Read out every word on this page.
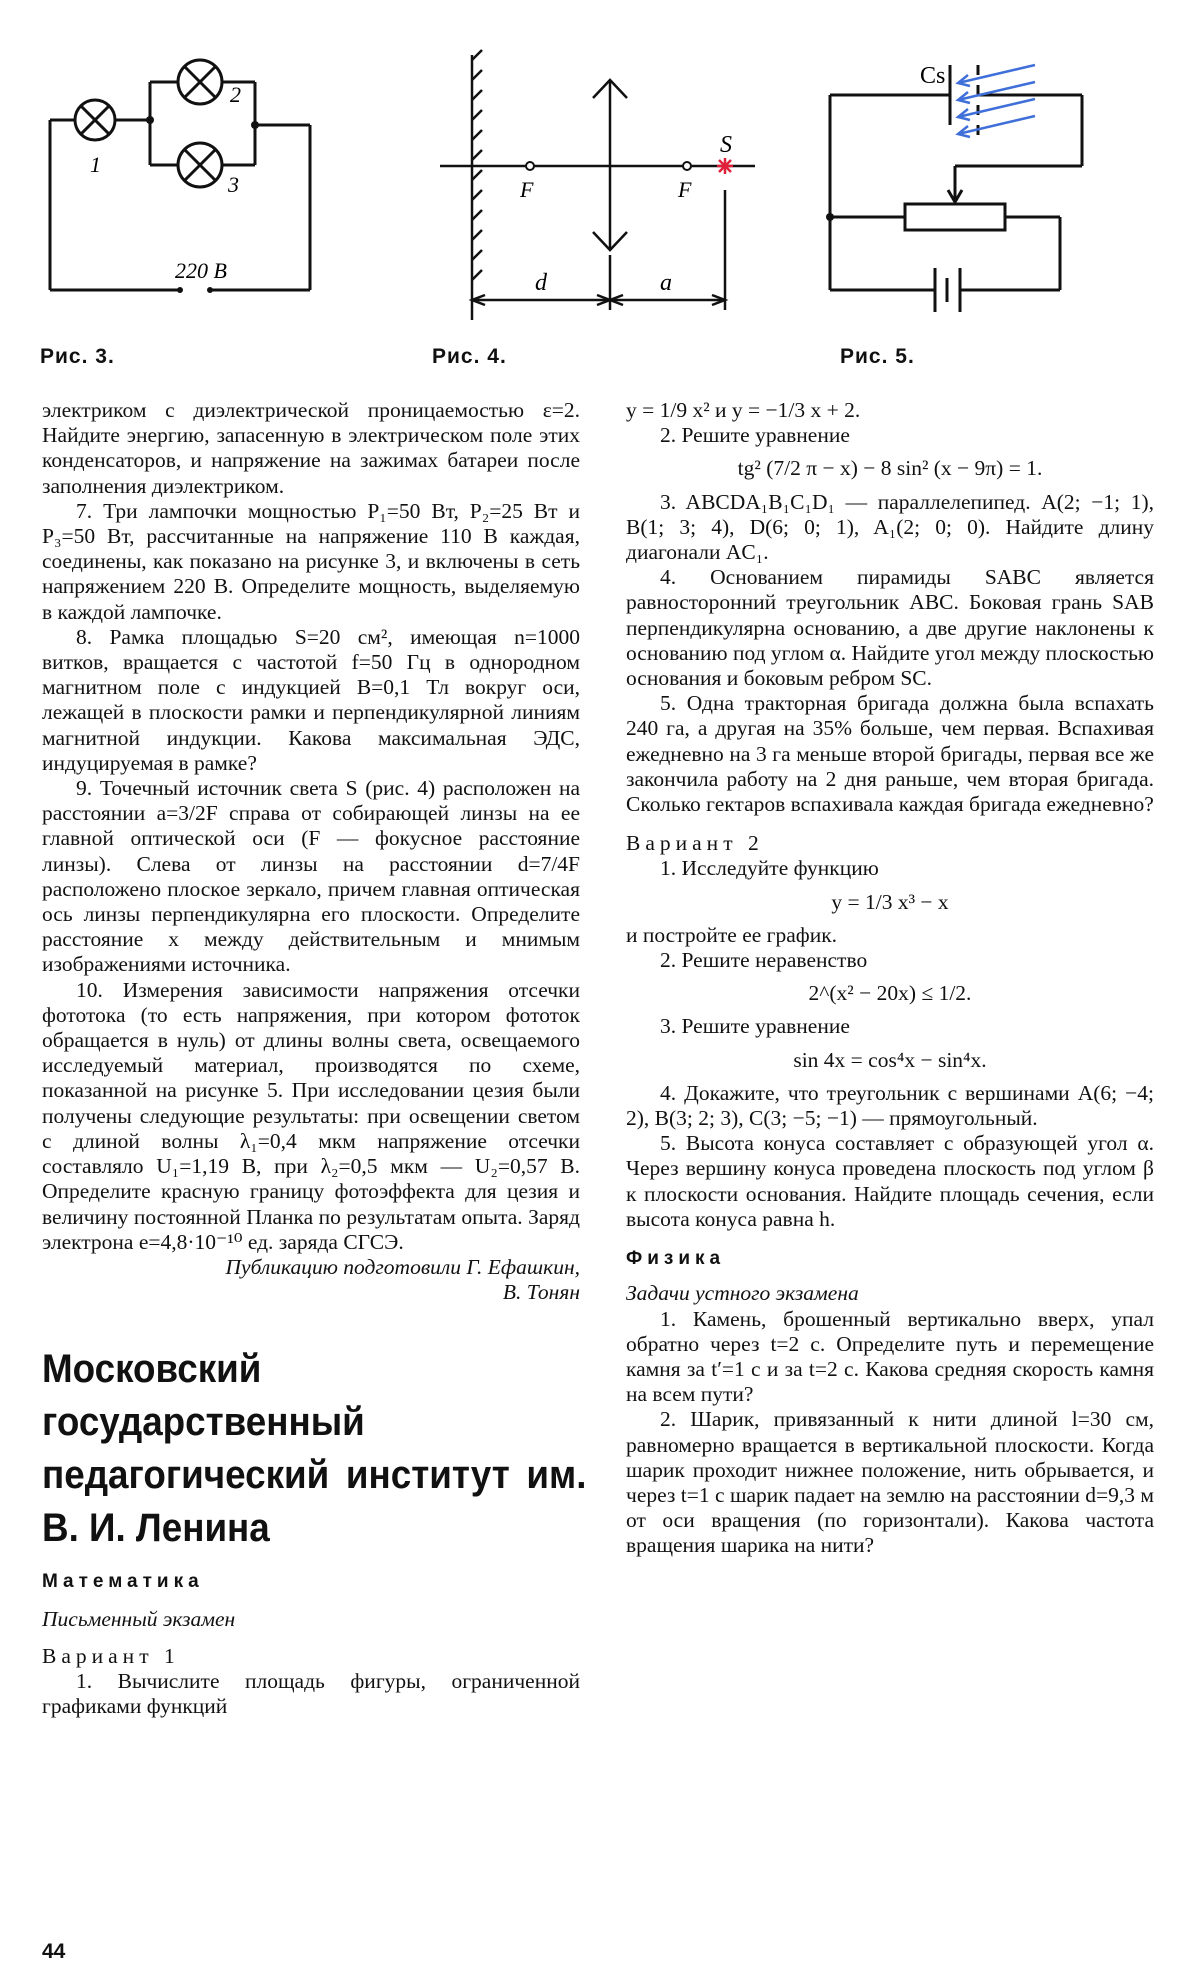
1
2
3
220 В
Рис. 3.
S
F	F
d	a
Рис. 4.
Cs
Рис. 5.

электриком с диэлектрической проницаемостью ε=2. Найдите энергию, запасенную в электрическом поле этих конденсаторов, и напряжение на зажимах батареи после заполнения диэлектриком.

7. Три лампочки мощностью P₁=50 Вт, P₂=25 Вт и P₃=50 Вт, рассчитанные на напряжение 110 В каждая, соединены, как показано на рисунке 3, и включены в сеть напряжением 220 В. Определите мощность, выделяемую в каждой лампочке.

8. Рамка площадью S=20 см², имеющая n=1000 витков, вращается с частотой f=50 Гц в однородном магнитном поле с индукцией B=0,1 Тл вокруг оси, лежащей в плоскости рамки и перпендикулярной линиям магнитной индукции. Какова максимальная ЭДС, индуцируемая в рамке?

9. Точечный источник света S (рис. 4) расположен на расстоянии a=3/2F справа от собирающей линзы на ее главной оптической оси (F — фокусное расстояние линзы). Слева от линзы на расстоянии d=7/4F расположено плоское зеркало, причем главная оптическая ось линзы перпендикулярна его плоскости. Определите расстояние x между действительным и мнимым изображениями источника.

10. Измерения зависимости напряжения отсечки фототока (то есть напряжения, при котором фототок обращается в нуль) от длины волны света, освещаемого исследуемый материал, производятся по схеме, показанной на рисунке 5. При исследовании цезия были получены следующие результаты: при освещении светом с длиной волны λ₁=0,4 мкм напряжение отсечки составляло U₁=1,19 В, при λ₂=0,5 мкм — U₂=0,57 В. Определите красную границу фотоэффекта для цезия и величину постоянной Планка по результатам опыта. Заряд электрона e=4,8·10⁻¹⁰ ед. заряда СГСЭ.

Публикацию подготовили Г. Ефашкин,

В. Тонян

Московский государственный педагогический институт им. В. И. Ленина

Математика

Письменный экзамен

Вариант 1

1. Вычислите площадь фигуры, ограниченной графиками функций

y = 1/9 x² и y = −1/3 x + 2.

2. Решите уравнение

tg² (7/2 π − x) − 8 sin² (x − 9π) = 1.

3. ABCDA₁B₁C₁D₁ — параллелепипед. A(2; −1; 1), B(1; 3; 4), D(6; 0; 1), A₁(2; 0; 0). Найдите длину диагонали AC₁.

4. Основанием пирамиды SABC является равносторонний треугольник ABC. Боковая грань SAB перпендикулярна основанию, а две другие наклонены к основанию под углом α. Найдите угол между плоскостью основания и боковым ребром SC.

5. Одна тракторная бригада должна была вспахать 240 га, а другая на 35% больше, чем первая. Вспахивая ежедневно на 3 га меньше второй бригады, первая все же закончила работу на 2 дня раньше, чем вторая бригада. Сколько гектаров вспахивала каждая бригада ежедневно?

Вариант 2

1. Исследуйте функцию

y = 1/3 x³ − x

и постройте ее график.

2. Решите неравенство

2^(x² − 20x) ≤ 1/2.

3. Решите уравнение

sin 4x = cos⁴x − sin⁴x.

4. Докажите, что треугольник с вершинами A(6; −4; 2), B(3; 2; 3), C(3; −5; −1) — прямоугольный.

5. Высота конуса составляет с образующей угол α. Через вершину конуса проведена плоскость под углом β к плоскости основания. Найдите площадь сечения, если высота конуса равна h.

Физика

Задачи устного экзамена

1. Камень, брошенный вертикально вверх, упал обратно через t=2 с. Определите путь и перемещение камня за t′=1 с и за t=2 с. Какова средняя скорость камня на всем пути?

2. Шарик, привязанный к нити длиной l=30 см, равномерно вращается в вертикальной плоскости. Когда шарик проходит нижнее положение, нить обрывается, и через t=1 с шарик падает на землю на расстоянии d=9,3 м от оси вращения (по горизонтали). Какова частота вращения шарика на нити?

44
